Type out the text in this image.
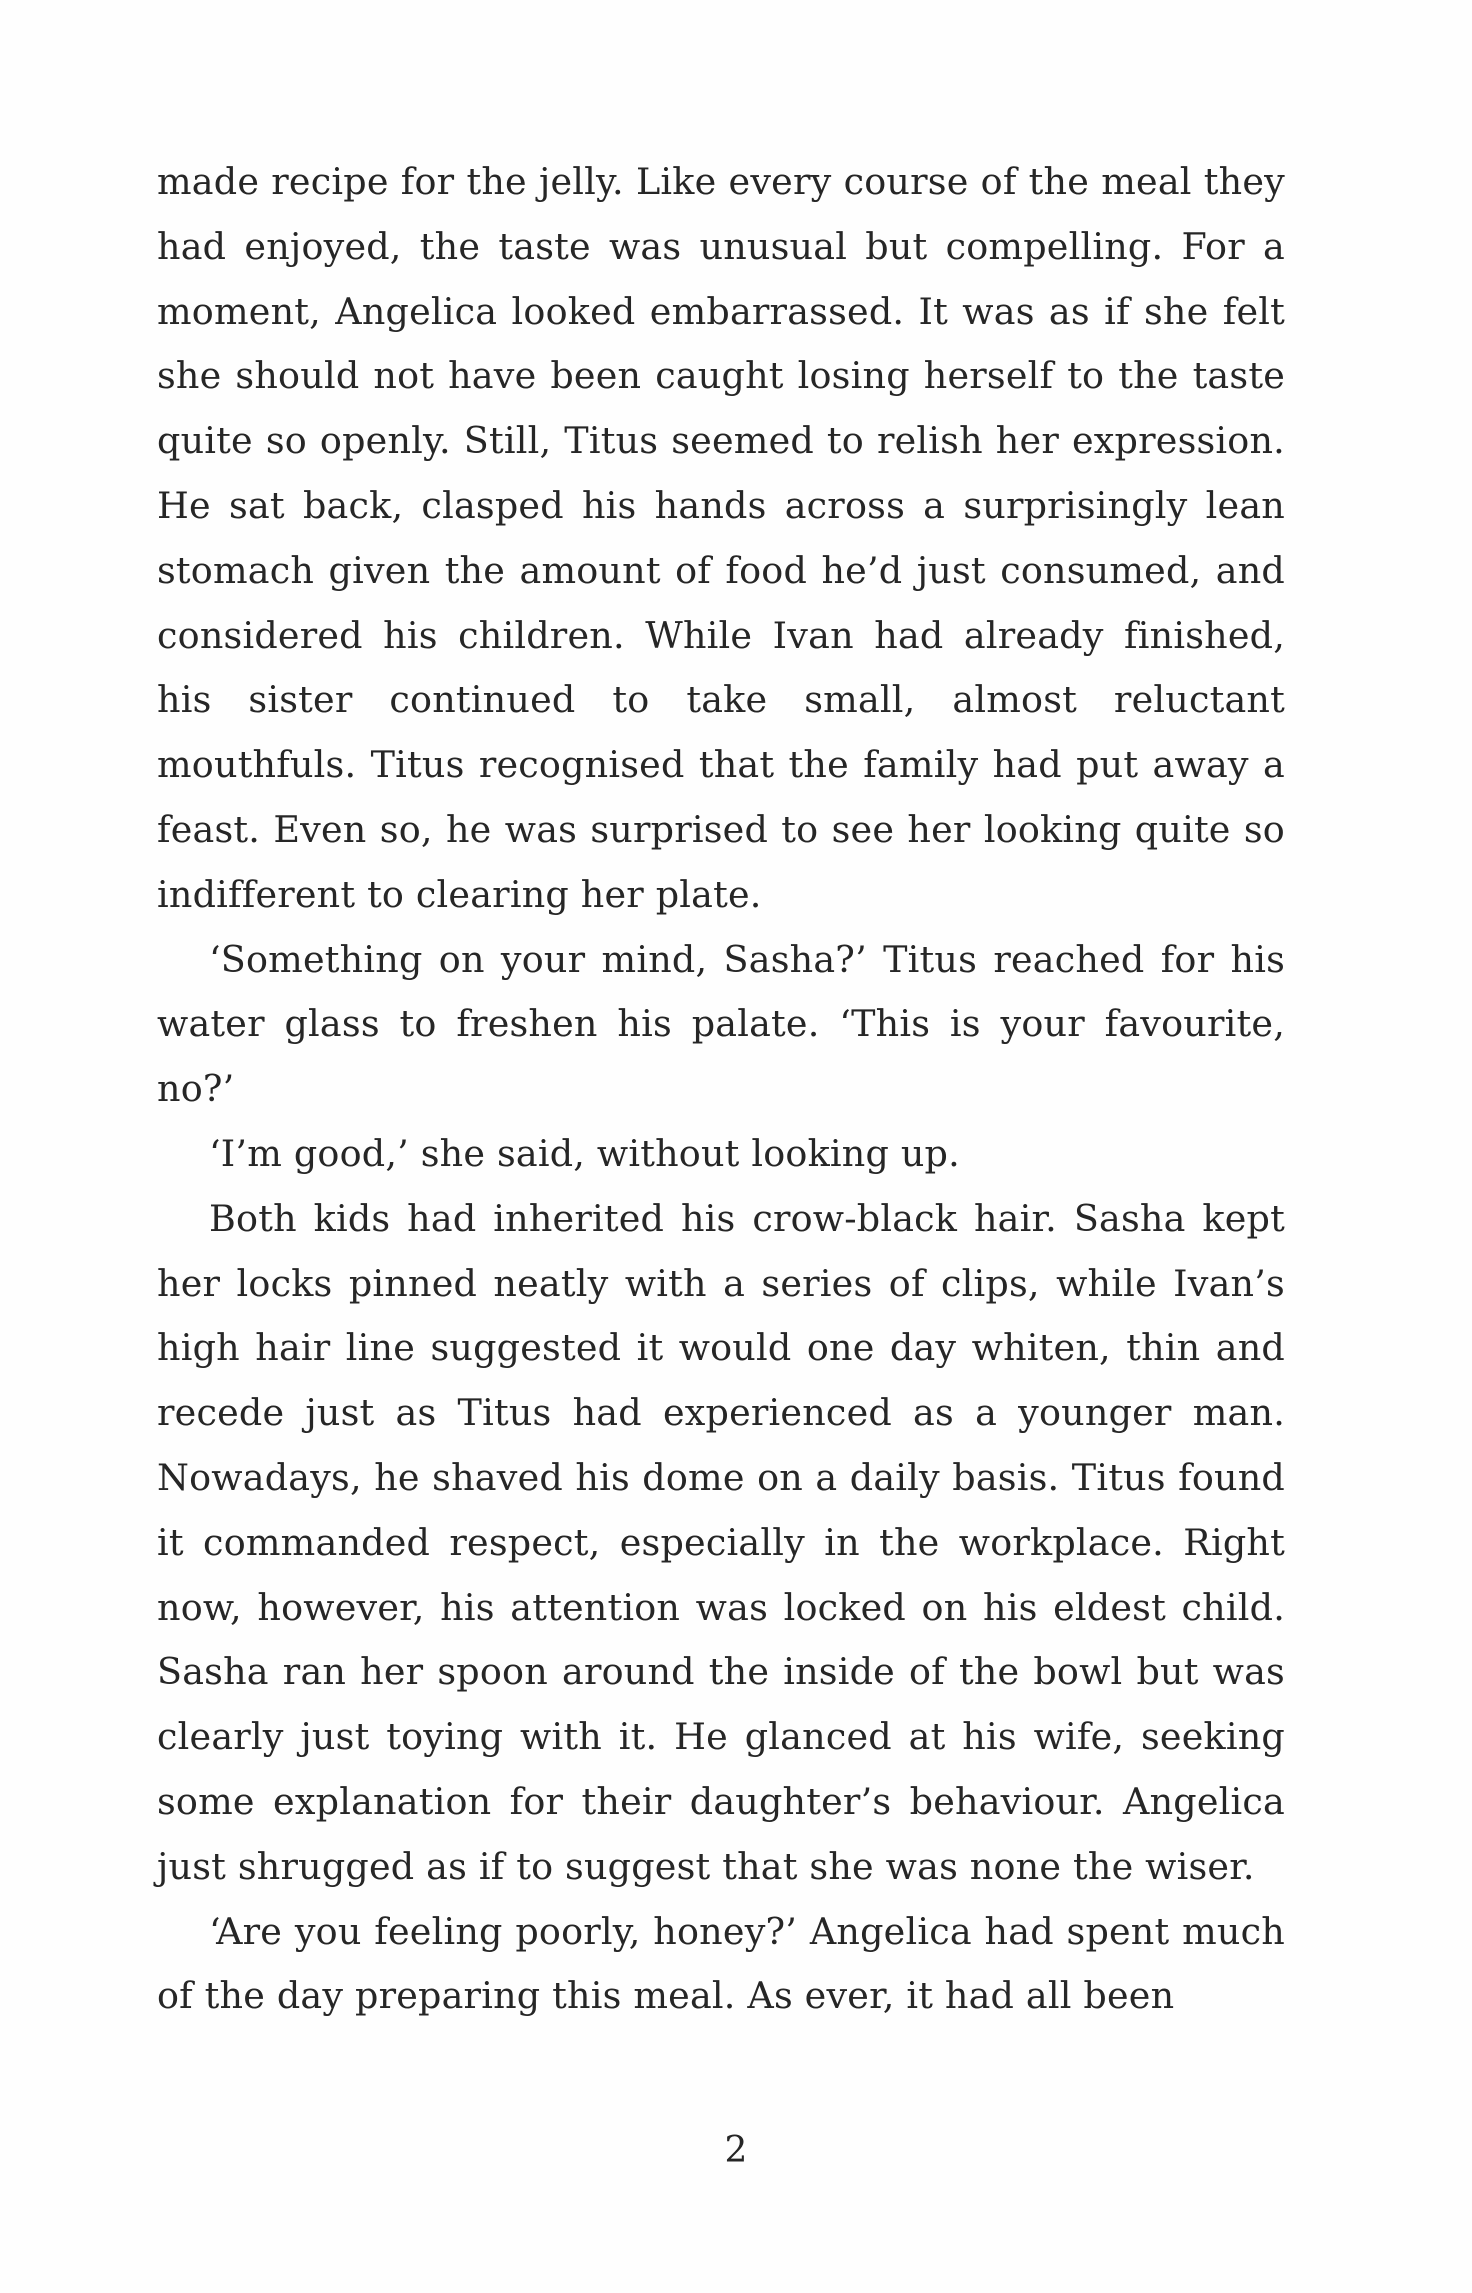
made recipe for the jelly. Like every course of the meal they had enjoyed, the taste was unusual but compelling. For a moment, Angelica looked embarrassed. It was as if she felt she should not have been caught losing herself to the taste quite so openly. Still, Titus seemed to relish her expression. He sat back, clasped his hands across a surprisingly lean stomach given the amount of food he’d just consumed, and considered his children. While Ivan had already finished, his sister continued to take small, almost reluctant mouthfuls. Titus recognised that the family had put away a feast. Even so, he was surprised to see her looking quite so indifferent to clearing her plate.

‘Something on your mind, Sasha?’ Titus reached for his water glass to freshen his palate. ‘This is your favourite, no?’

‘I’m good,’ she said, without looking up.

Both kids had inherited his crow-black hair. Sasha kept her locks pinned neatly with a series of clips, while Ivan’s high hair line suggested it would one day whiten, thin and recede just as Titus had experienced as a younger man. Nowadays, he shaved his dome on a daily basis. Titus found it commanded respect, especially in the workplace. Right now, however, his attention was locked on his eldest child. Sasha ran her spoon around the inside of the bowl but was clearly just toying with it. He glanced at his wife, seeking some explanation for their daughter’s behaviour. Angelica just shrugged as if to suggest that she was none the wiser.

‘Are you feeling poorly, honey?’ Angelica had spent much of the day preparing this meal. As ever, it had all been

2
